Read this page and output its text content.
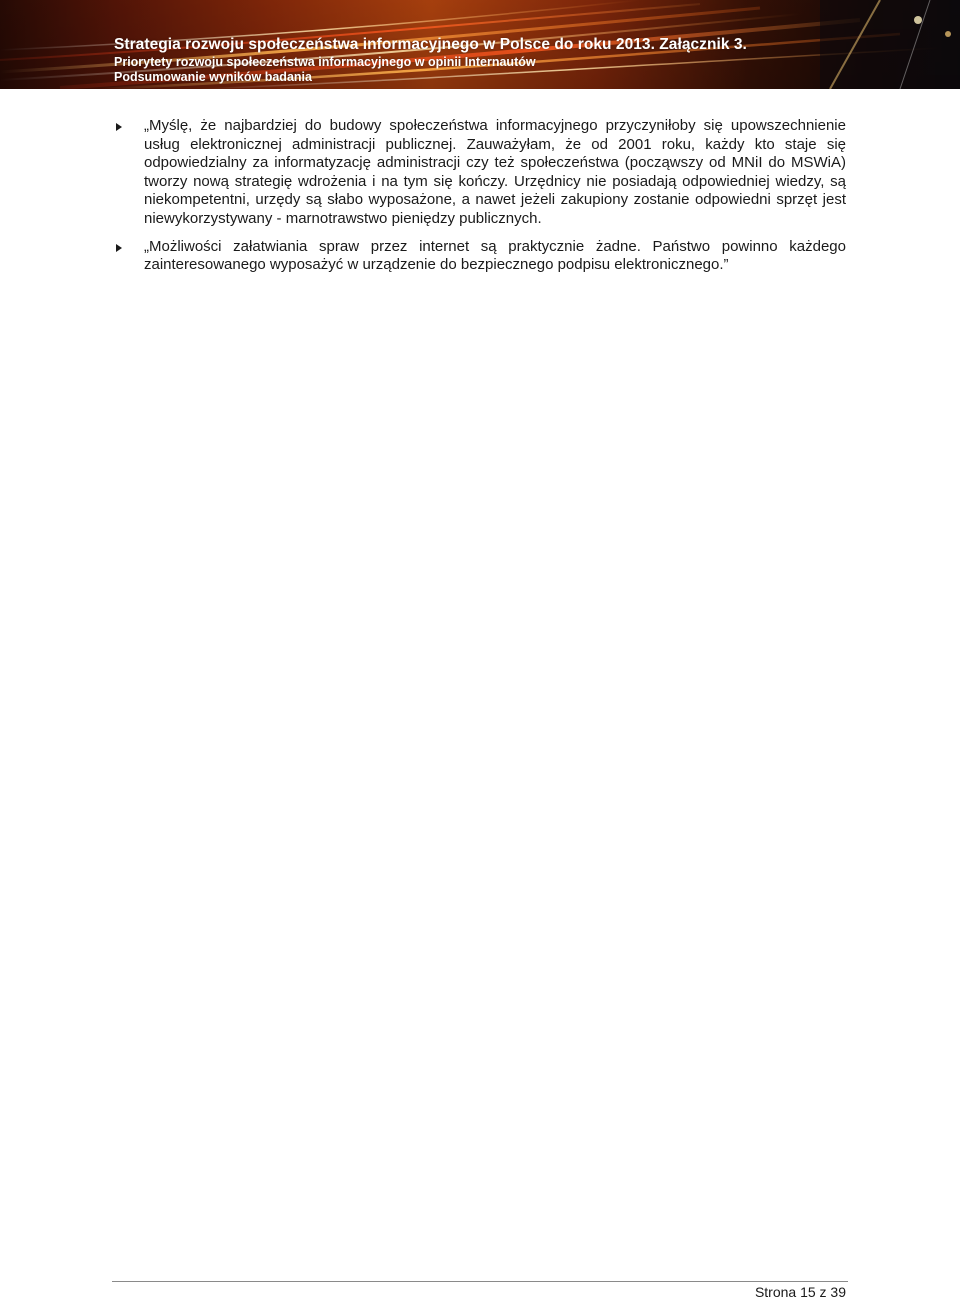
Strategia rozwoju społeczeństwa informacyjnego w Polsce do roku 2013. Załącznik 3.
Priorytety rozwoju społeczeństwa informacyjnego w opinii Internautów
Podsumowanie wyników badania

„Myślę, że najbardziej do budowy społeczeństwa informacyjnego przyczyniłoby się upowszechnienie usług elektronicznej administracji publicznej. Zauważyłam, że od 2001 roku, każdy kto staje się odpowiedzialny za informatyzację administracji czy też społeczeństwa (począwszy od MNiI do MSWiA) tworzy nową strategię wdrożenia i na tym się kończy. Urzędnicy nie posiadają odpowiedniej wiedzy, są niekompetentni, urzędy są słabo wyposażone, a nawet jeżeli zakupiony zostanie odpowiedni sprzęt jest niewykorzystywany - marnotrawstwo pieniędzy publicznych.

„Możliwości załatwiania spraw przez internet są praktycznie żadne. Państwo powinno każdego zainteresowanego wyposażyć w urządzenie do bezpiecznego podpisu elektronicznego.”

Strona 15 z 39
